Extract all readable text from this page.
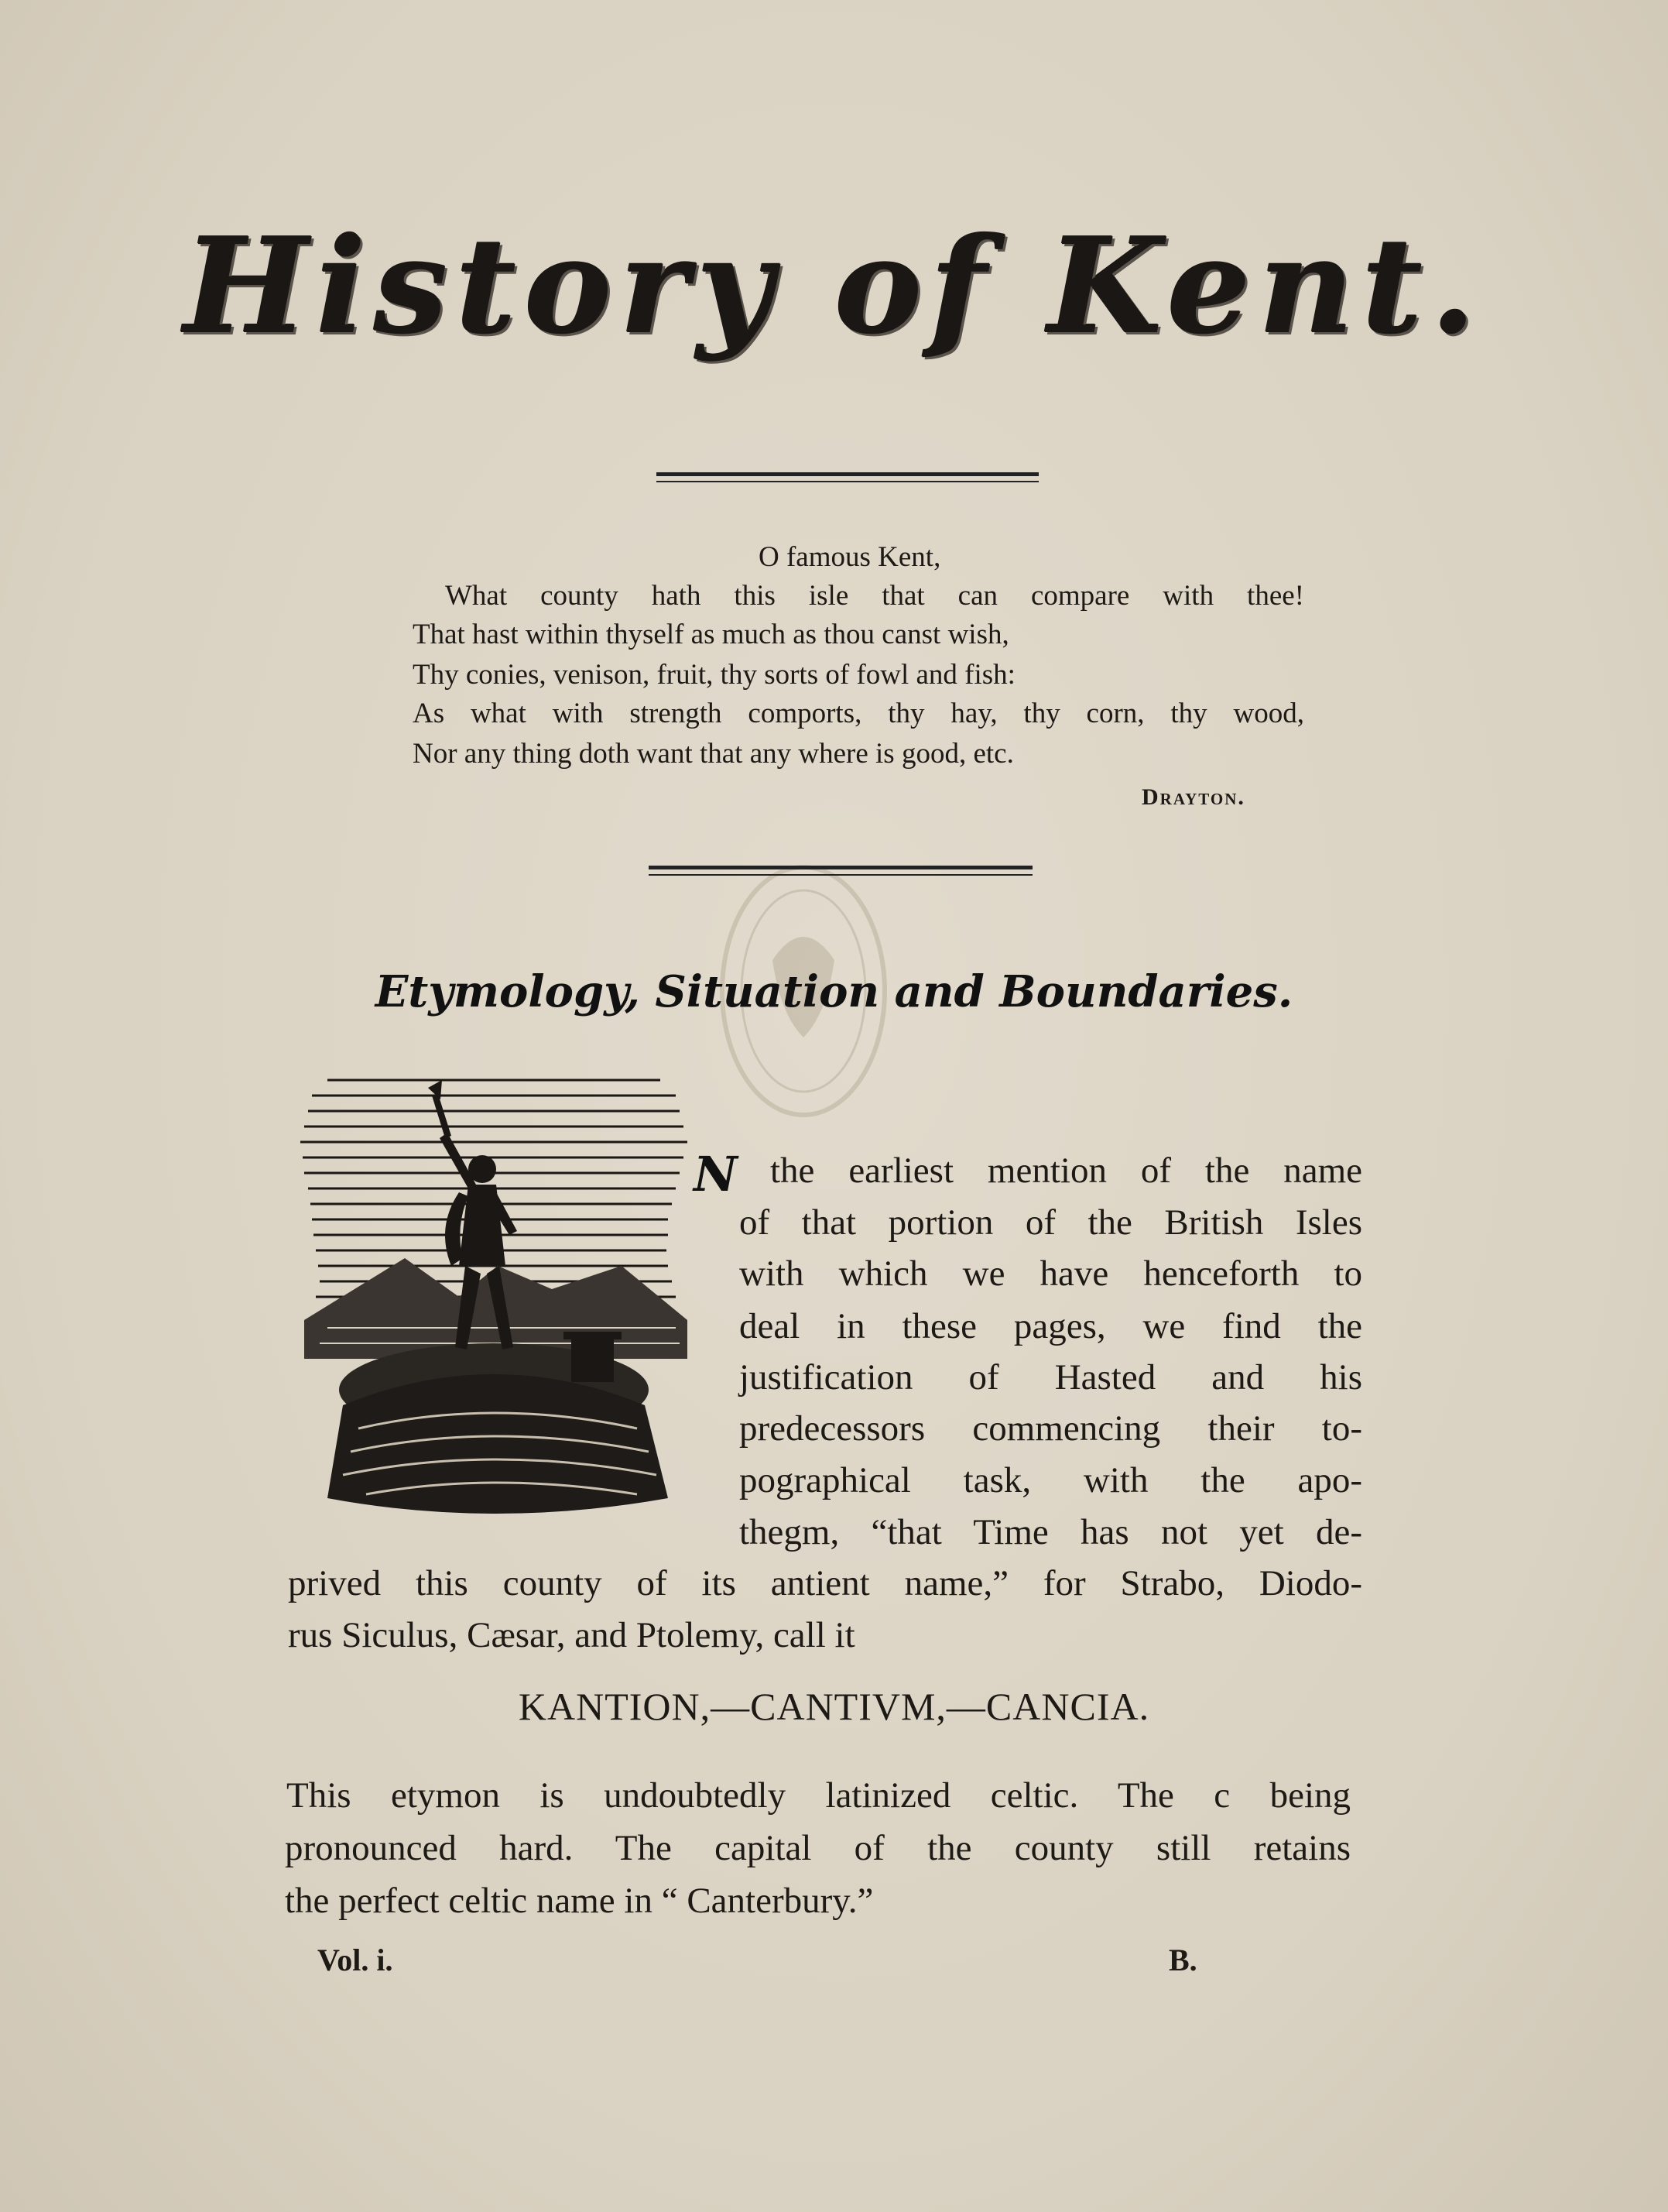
History of Kent.
O famous Kent,
What county hath this isle that can compare with thee!
That hast within thyself as much as thou canst wish,
Thy conies, venison, fruit, thy sorts of fowl and fish:
As what with strength comports, thy hay, thy corn, thy wood,
Nor any thing doth want that any where is good, etc.
Drayton.
Etymology, Situation and Boundaries.
N the earliest mention of the name
of that portion of the British Isles
with which we have henceforth to
deal in these pages, we find the
justification of Hasted and his
predecessors commencing their to-
pographical task, with the apo-
thegm, “that Time has not yet de-
prived this county of its antient name,” for Strabo, Diodo-
rus Siculus, Cæsar, and Ptolemy, call it
KANTION,—CANTIVM,—CANCIA.
This etymon is undoubtedly latinized celtic. The c being
pronounced hard. The capital of the county still retains
the perfect celtic name in “ Canterbury.”
Vol. i.	B.
